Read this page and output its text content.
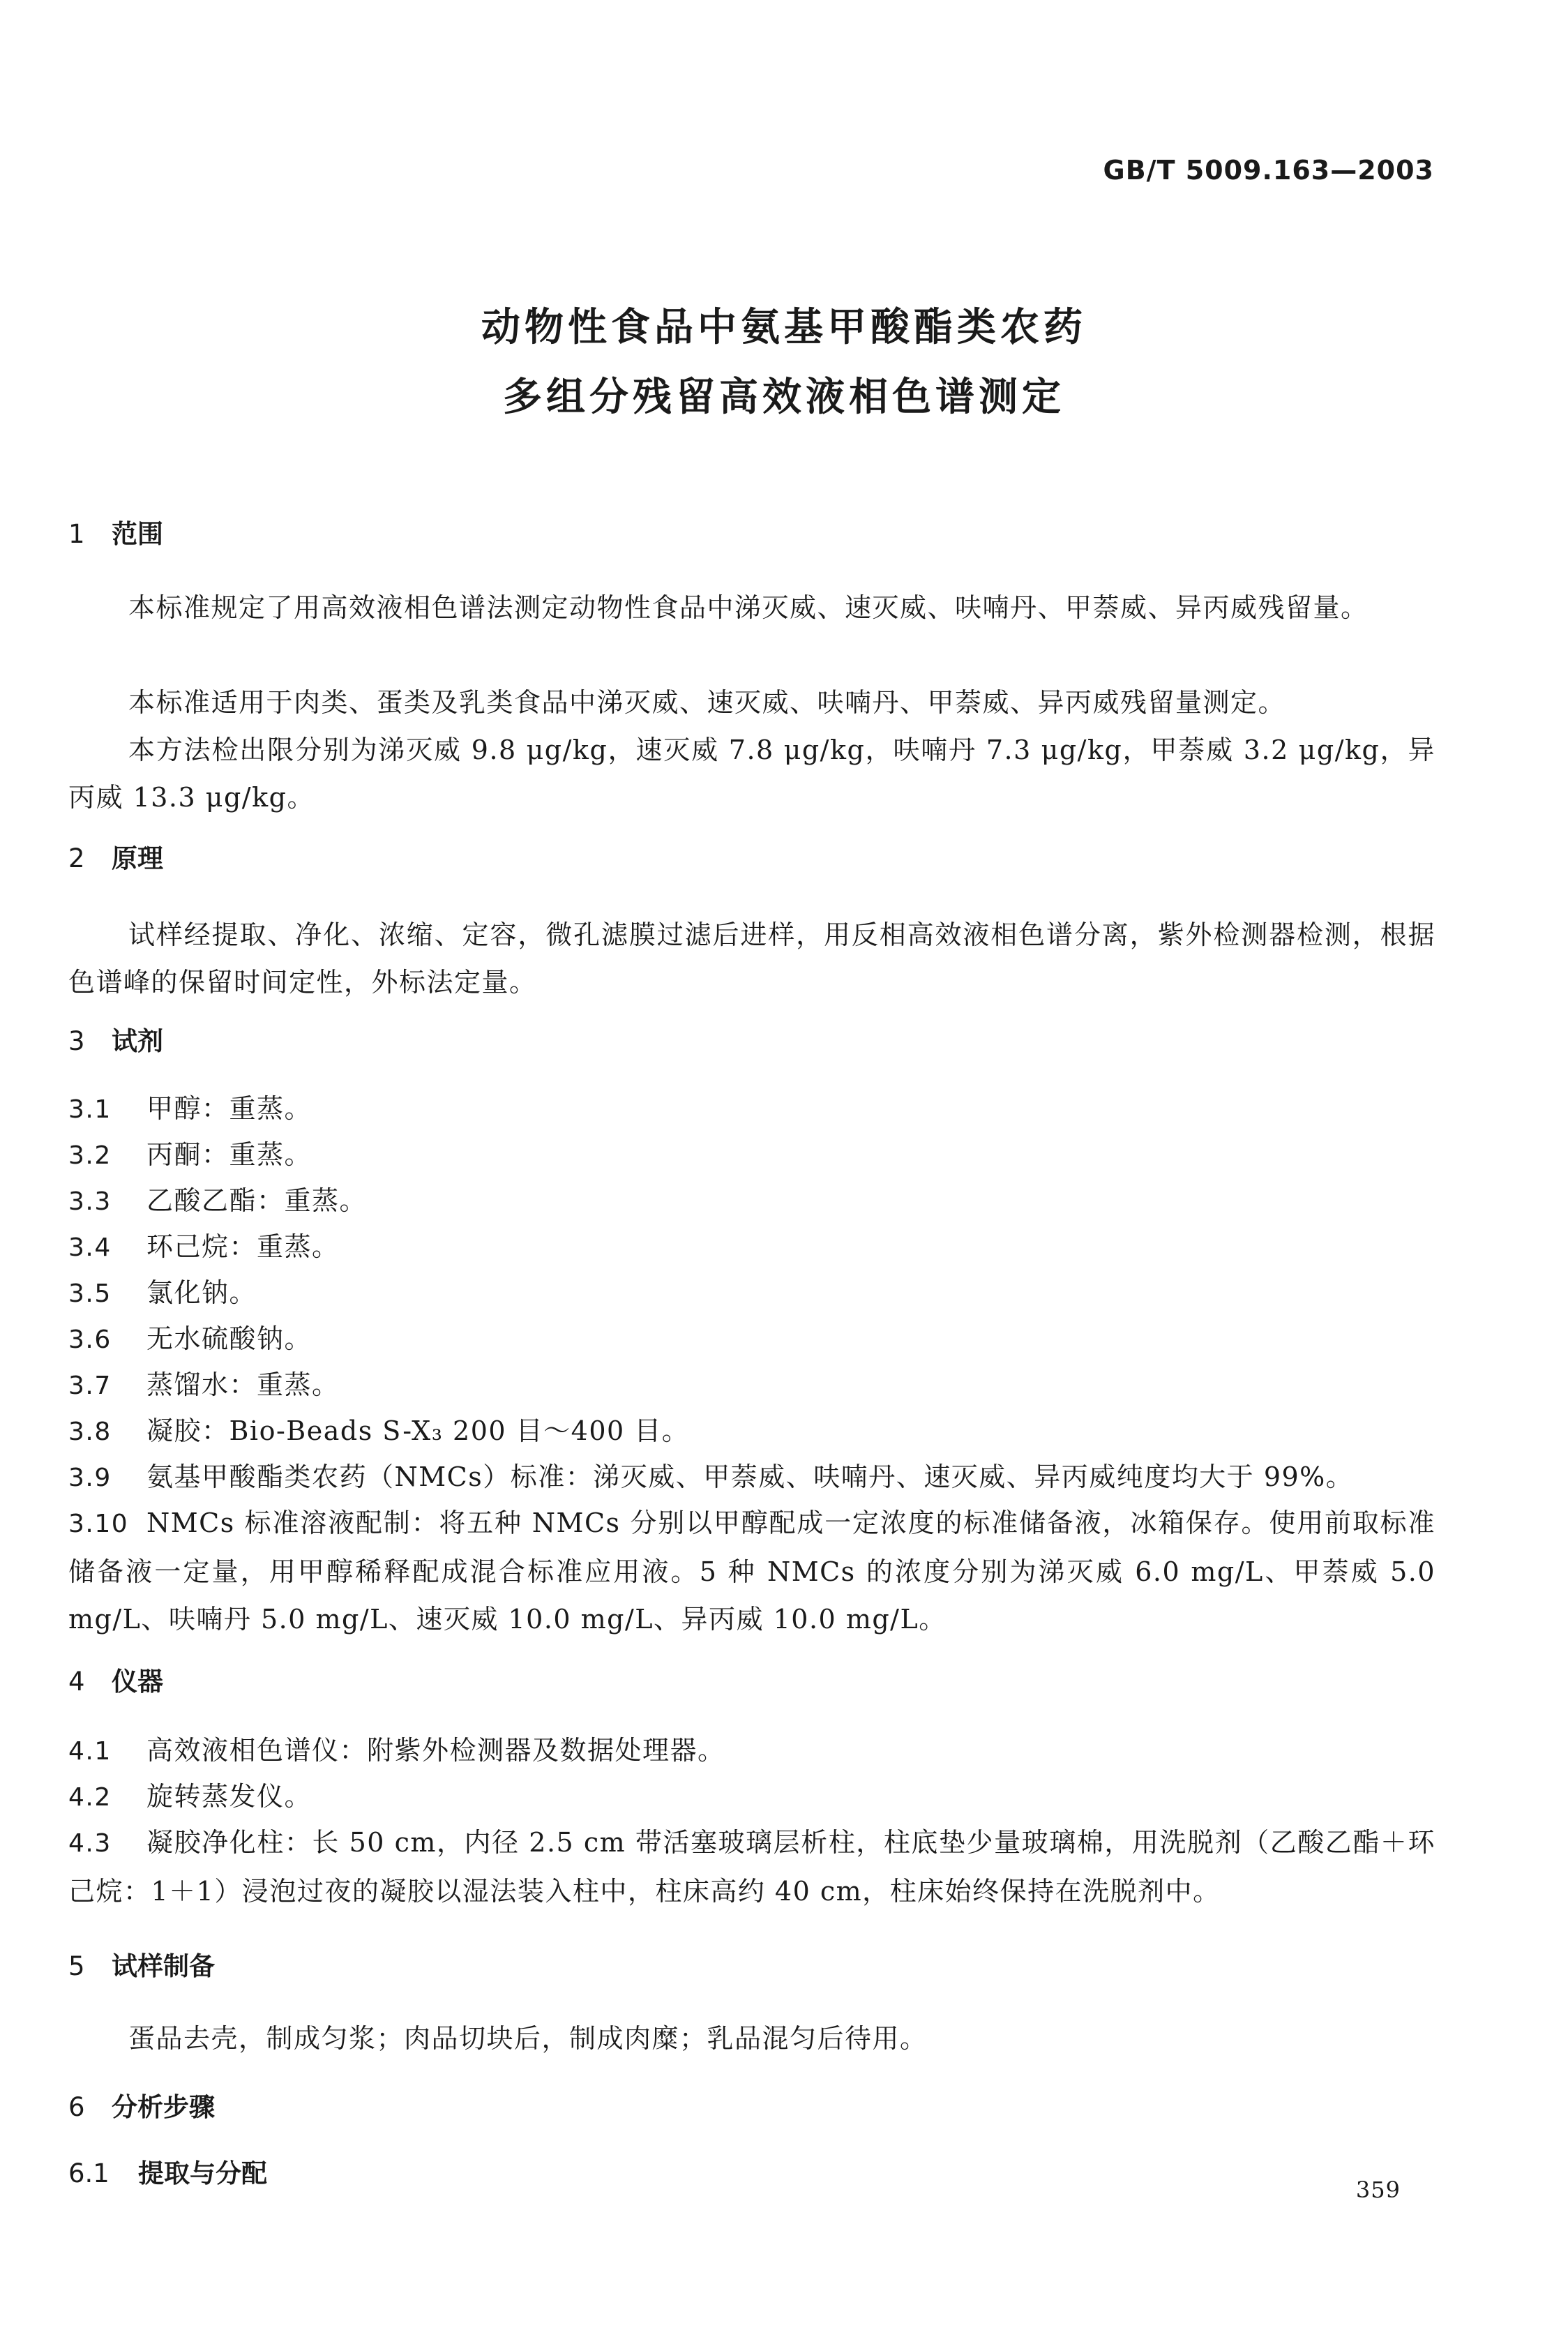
GB/T 5009.163—2003
动物性食品中氨基甲酸酯类农药
多组分残留高效液相色谱测定
1 范围
本标准规定了用高效液相色谱法测定动物性食品中涕灭威、速灭威、呋喃丹、甲萘威、异丙威残留量。
本标准适用于肉类、蛋类及乳类食品中涕灭威、速灭威、呋喃丹、甲萘威、异丙威残留量测定。
本方法检出限分别为涕灭威 9.8 μg/kg，速灭威 7.8 μg/kg，呋喃丹 7.3 μg/kg，甲萘威 3.2 μg/kg，异丙威 13.3 μg/kg。
2 原理
试样经提取、净化、浓缩、定容，微孔滤膜过滤后进样，用反相高效液相色谱分离，紫外检测器检测，根据色谱峰的保留时间定性，外标法定量。
3 试剂
3.1 甲醇：重蒸。
3.2 丙酮：重蒸。
3.3 乙酸乙酯：重蒸。
3.4 环己烷：重蒸。
3.5 氯化钠。
3.6 无水硫酸钠。
3.7 蒸馏水：重蒸。
3.8 凝胶：Bio-Beads S-X₃ 200 目～400 目。
3.9 氨基甲酸酯类农药（NMCs）标准：涕灭威、甲萘威、呋喃丹、速灭威、异丙威纯度均大于 99%。
3.10 NMCs 标准溶液配制：将五种 NMCs 分别以甲醇配成一定浓度的标准储备液，冰箱保存。使用前取标准储备液一定量，用甲醇稀释配成混合标准应用液。5 种 NMCs 的浓度分别为涕灭威 6.0 mg/L、甲萘威 5.0 mg/L、呋喃丹 5.0 mg/L、速灭威 10.0 mg/L、异丙威 10.0 mg/L。
4 仪器
4.1 高效液相色谱仪：附紫外检测器及数据处理器。
4.2 旋转蒸发仪。
4.3 凝胶净化柱：长 50 cm，内径 2.5 cm 带活塞玻璃层析柱，柱底垫少量玻璃棉，用洗脱剂（乙酸乙酯＋环己烷：1＋1）浸泡过夜的凝胶以湿法装入柱中，柱床高约 40 cm，柱床始终保持在洗脱剂中。
5 试样制备
蛋品去壳，制成匀浆；肉品切块后，制成肉糜；乳品混匀后待用。
6 分析步骤
6.1 提取与分配
359
